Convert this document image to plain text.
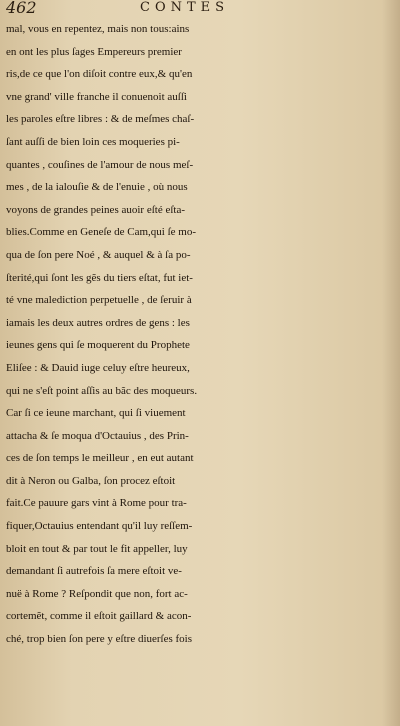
462	CONTES
mal, vous en repentez, mais non tous:ains
en ont les plus ſages Empereurs premier
ris,de ce que l'on diſoit contre eux,& qu'en
vne grand' ville franche il conuenoit auſſi
les paroles eſtre libres : & de meſmes chaſ-
ſant auſſi de bien loin ces moqueries pi-
quantes , couſines de l'amour de nous meſ-
mes , de la ialouſie & de l'enuie , où nous
voyons de grandes peines auoir eſté eſta-
blies.Comme en Geneſe de Cam,qui ſe mo-
qua de ſon pere Noé , & auquel & à ſa po-
ſterité,qui ſont les gẽs du tiers eſtat, fut iet-
té vne malediction perpetuelle , de ſeruir à
iamais les deux autres ordres de gens : les
ieunes gens qui ſe moquerent du Prophete
Eliſee : & Dauid iuge celuy eſtre heureux,
qui ne s'eſt point aſſis au bãc des moqueurs.
Car ſi ce ieune marchant, qui ſi viuement
attacha & ſe moqua d'Octauius , des Prin-
ces de ſon temps le meilleur , en eut autant
dit à Neron ou Galba, ſon procez eſtoit
fait.Ce pauure gars vint à Rome pour tra-
fiquer,Octauius entendant qu'il luy reſſem-
bloit en tout & par tout le fit appeller, luy
demandant ſi autrefois ſa mere eſtoit ve-
nuë à Rome ? Reſpondit que non, fort ac-
cortemẽt, comme il eſtoit gaillard & acon-
ché, trop bien ſon pere y eſtre diuerſes fois
